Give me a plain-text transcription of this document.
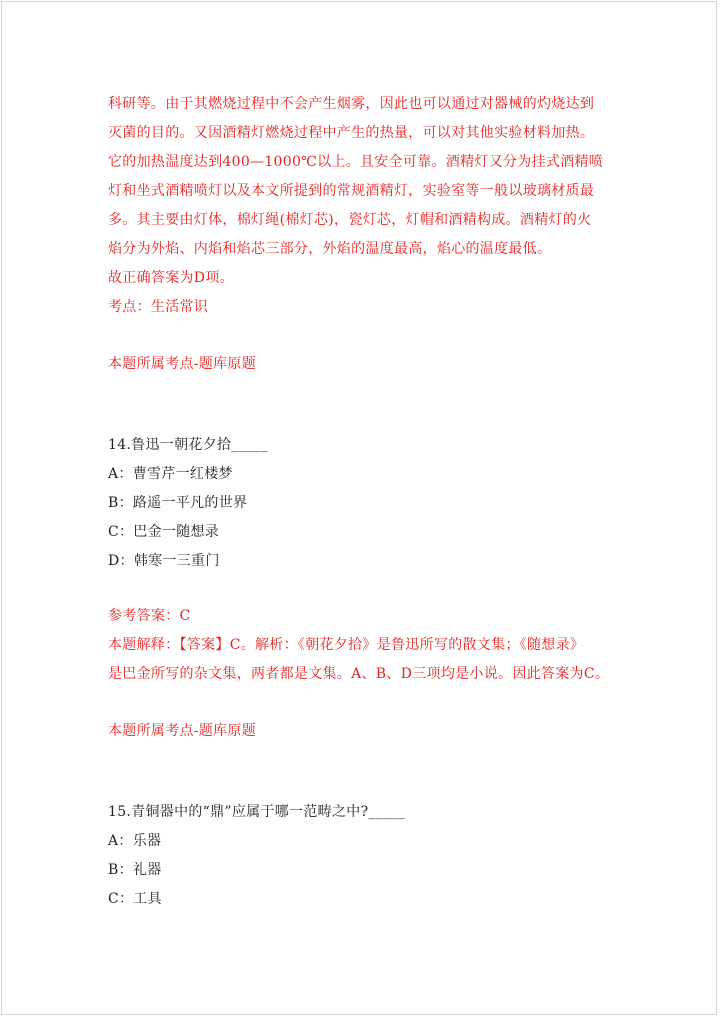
科研等。由于其燃烧过程中不会产生烟雾，因此也可以通过对器械的灼烧达到
灭菌的目的。又因酒精灯燃烧过程中产生的热量，可以对其他实验材料加热。
它的加热温度达到400—1000℃以上。且安全可靠。酒精灯又分为挂式酒精喷
灯和坐式酒精喷灯以及本文所提到的常规酒精灯，实验室等一般以玻璃材质最
多。其主要由灯体，棉灯绳(棉灯芯)，瓷灯芯，灯帽和酒精构成。酒精灯的火
焰分为外焰、内焰和焰芯三部分，外焰的温度最高，焰心的温度最低。
故正确答案为D项。
考点：生活常识
本题所属考点-题库原题
14.鲁迅一朝花夕拾_____
A：曹雪芹一红楼梦
B：路遥一平凡的世界
C：巴金一随想录
D：韩寒一三重门
参考答案：C
本题解释：【答案】C。解析：《朝花夕拾》是鲁迅所写的散文集；《随想录》
是巴金所写的杂文集，两者都是文集。A、B、D三项均是小说。因此答案为C。
本题所属考点-题库原题
15.青铜器中的“鼎”应属于哪一范畴之中?_____
A：乐器
B：礼器
C：工具
